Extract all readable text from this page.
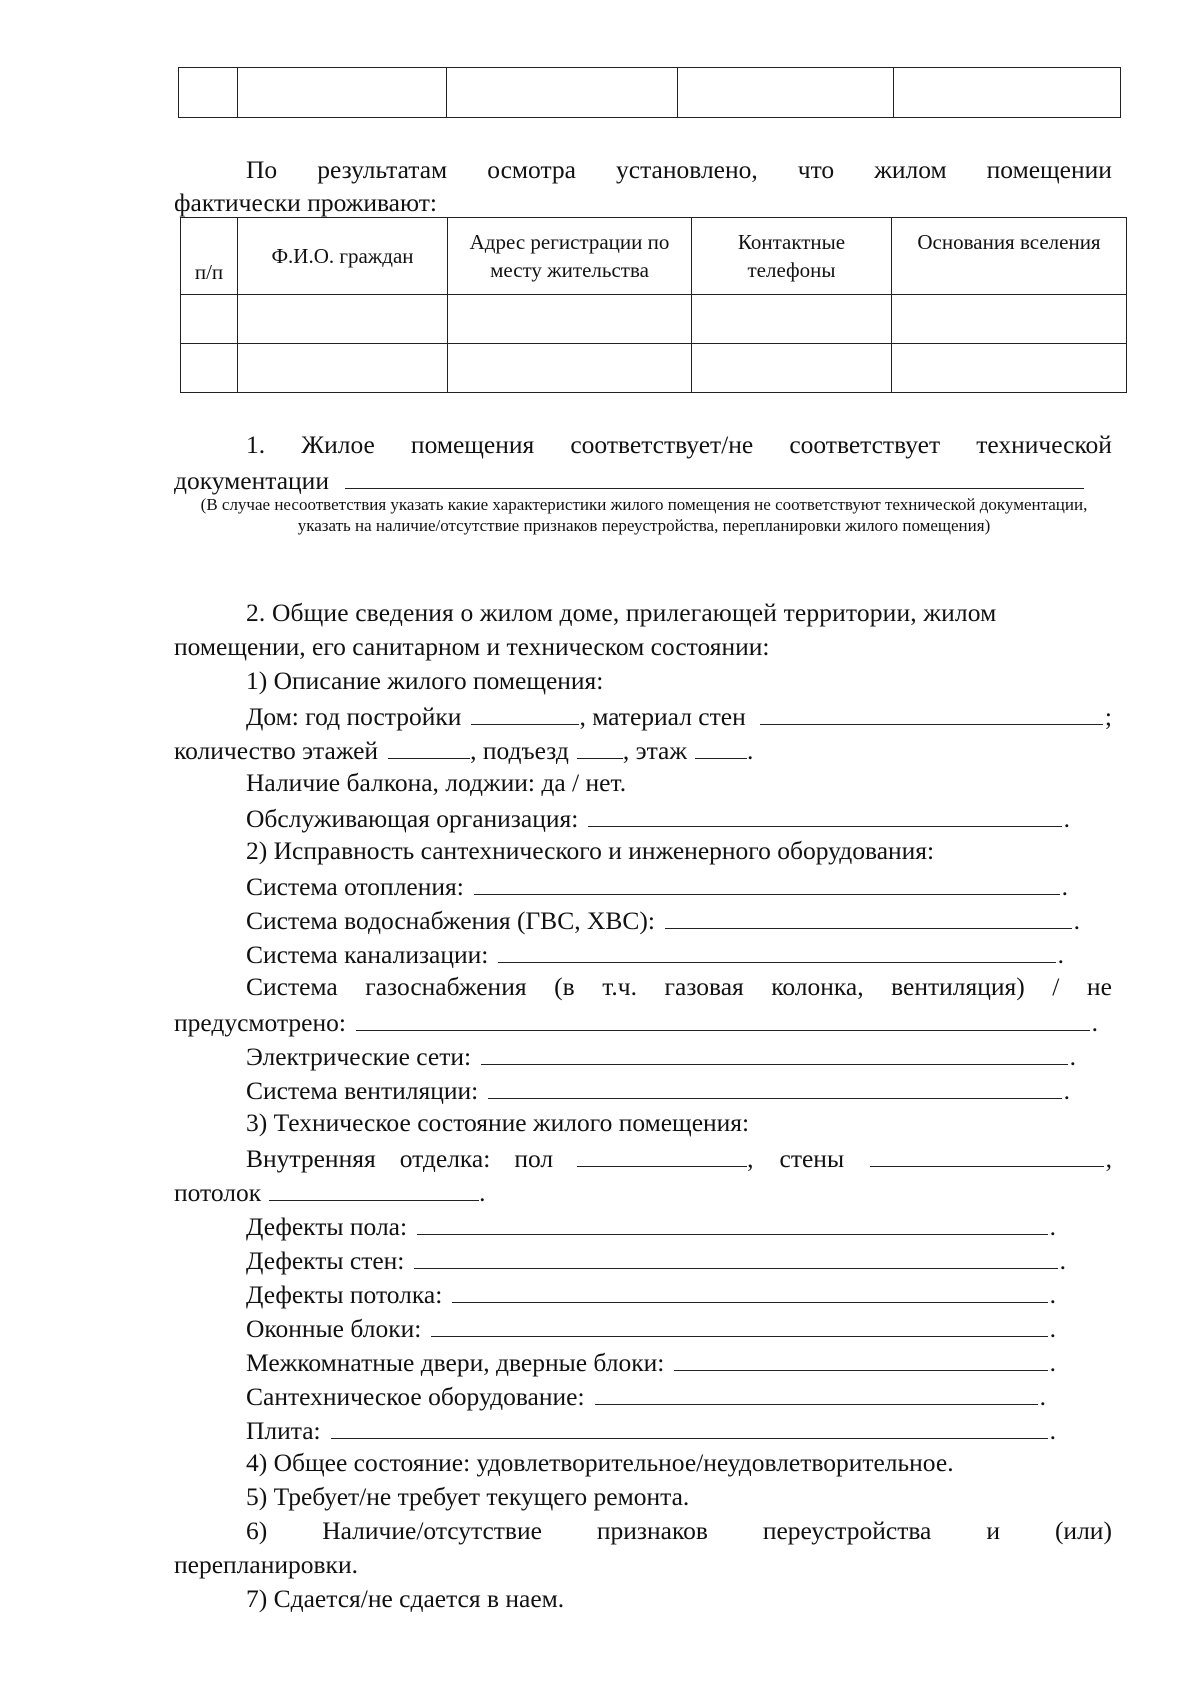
По результатам осмотра установлено, что жилом помещении
фактически проживают:
п/п	Ф.И.О. граждан	Адрес регистрации по месту жительства	Контактные телефоны	Основания вселения

1. Жилое помещения соответствует/не соответствует технической
документации
(В случае несоответствия указать какие характеристики жилого помещения не соответствуют технической документации, указать на наличие/отсутствие признаков переустройства, перепланировки жилого помещения)
2. Общие сведения о жилом доме, прилегающей территории, жилом
помещении, его санитарном и техническом состоянии:
1) Описание жилого помещения:
Дом: год постройки	, материал стен	;
количество этажей	, подъезд , этаж .
Наличие балкона, лоджии: да / нет.
Обслуживающая организация:	.
2) Исправность сантехнического и инженерного оборудования:
Система отопления:	.
Система водоснабжения (ГВС, ХВС):	.
Система канализации:	.
Система газоснабжения (в т.ч. газовая колонка, вентиляция) / не
предусмотрено:	.
Электрические сети:	.
Система вентиляции:	.
3) Техническое состояние жилого помещения:
Внутренняя отделка: пол	, стены	,
потолок	.
Дефекты пола:	.
Дефекты стен:	.
Дефекты потолка:	.
Оконные блоки:	.
Межкомнатные двери, дверные блоки:	.
Сантехническое оборудование:	.
Плита:	.
4) Общее состояние: удовлетворительное/неудовлетворительное.
5) Требует/не требует текущего ремонта.
6) Наличие/отсутствие признаков переустройства и (или)
перепланировки.
7) Сдается/не сдается в наем.
